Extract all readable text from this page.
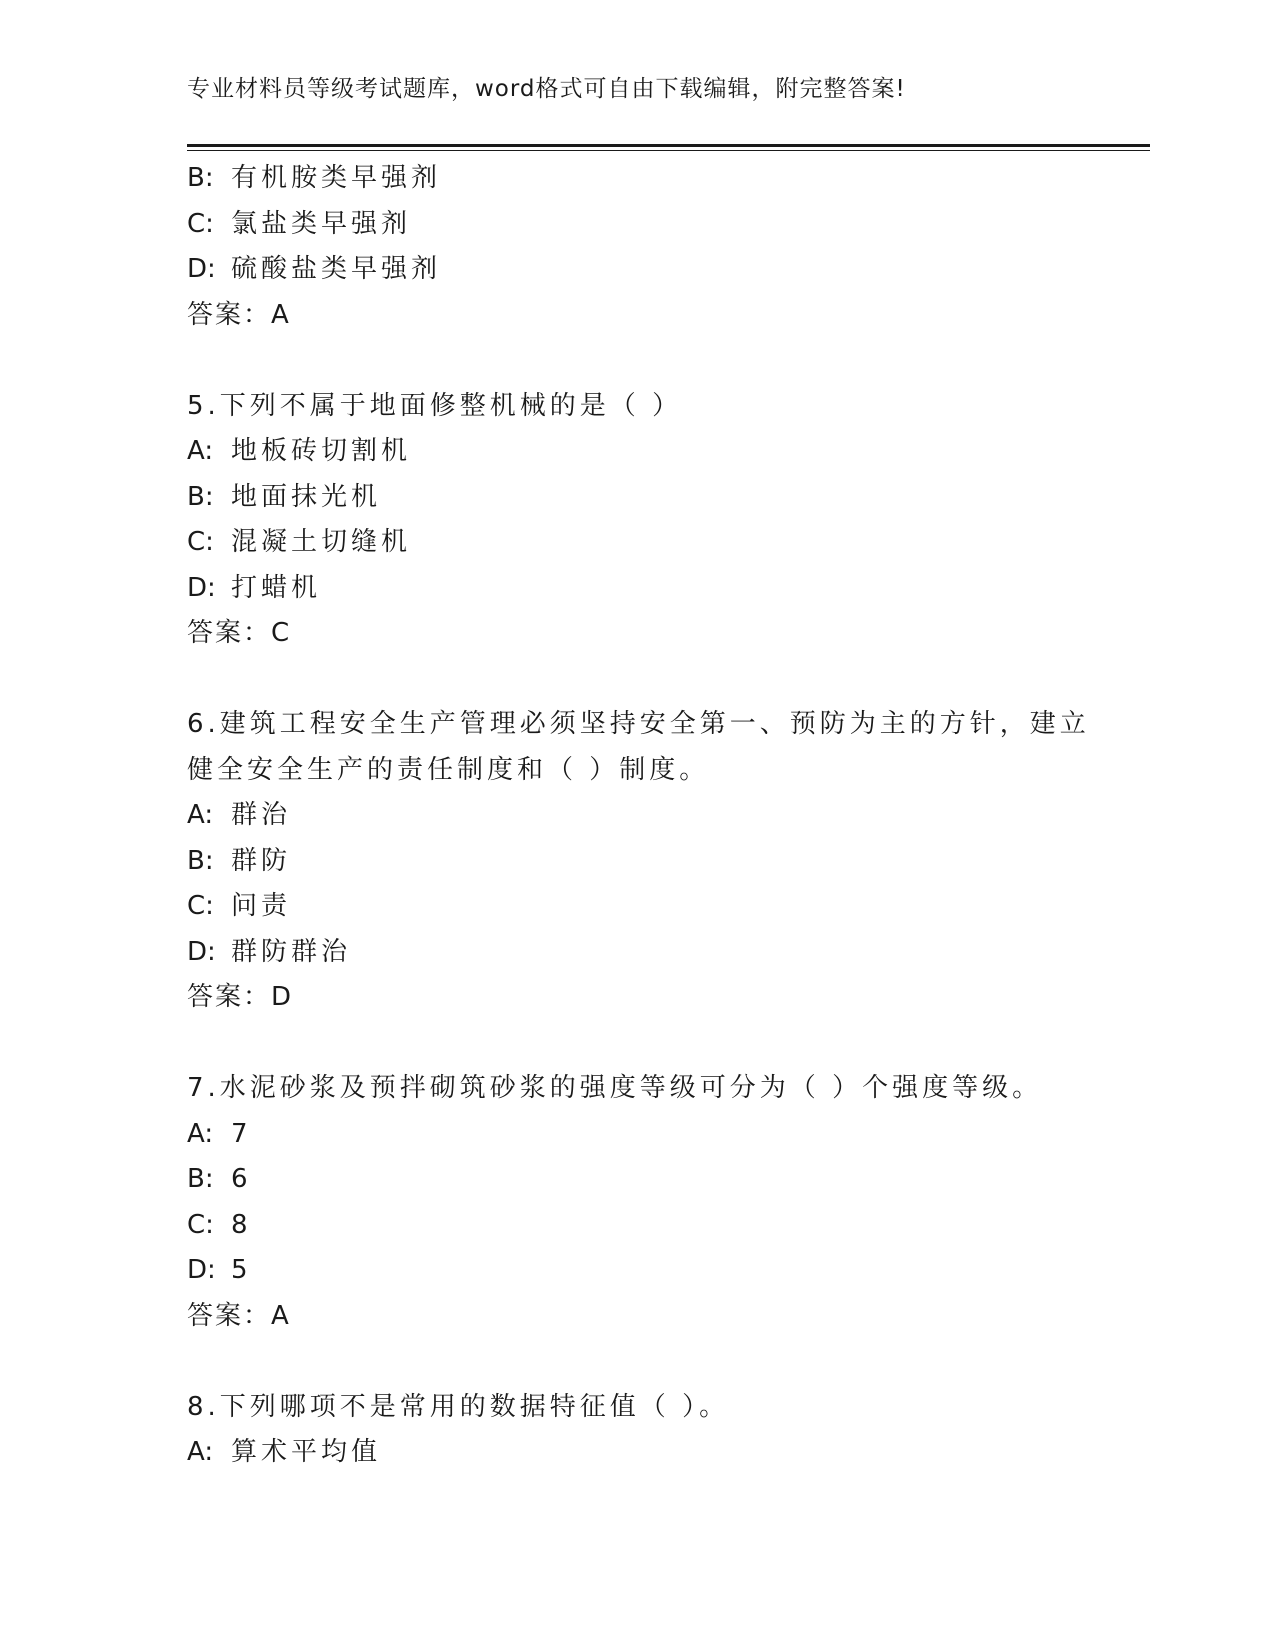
专业材料员等级考试题库，word格式可自由下载编辑，附完整答案!
B: 有机胺类早强剂
C: 氯盐类早强剂
D: 硫酸盐类早强剂
答案：A
5.下列不属于地面修整机械的是（ ）
A: 地板砖切割机
B: 地面抹光机
C: 混凝土切缝机
D: 打蜡机
答案：C
6.建筑工程安全生产管理必须坚持安全第一、预防为主的方针，建立
健全安全生产的责任制度和（ ）制度。
A: 群治
B: 群防
C: 问责
D: 群防群治
答案：D
7.水泥砂浆及预拌砌筑砂浆的强度等级可分为（ ）个强度等级。
A: 7
B: 6
C: 8
D: 5
答案：A
8.下列哪项不是常用的数据特征值（ ）。
A: 算术平均值
